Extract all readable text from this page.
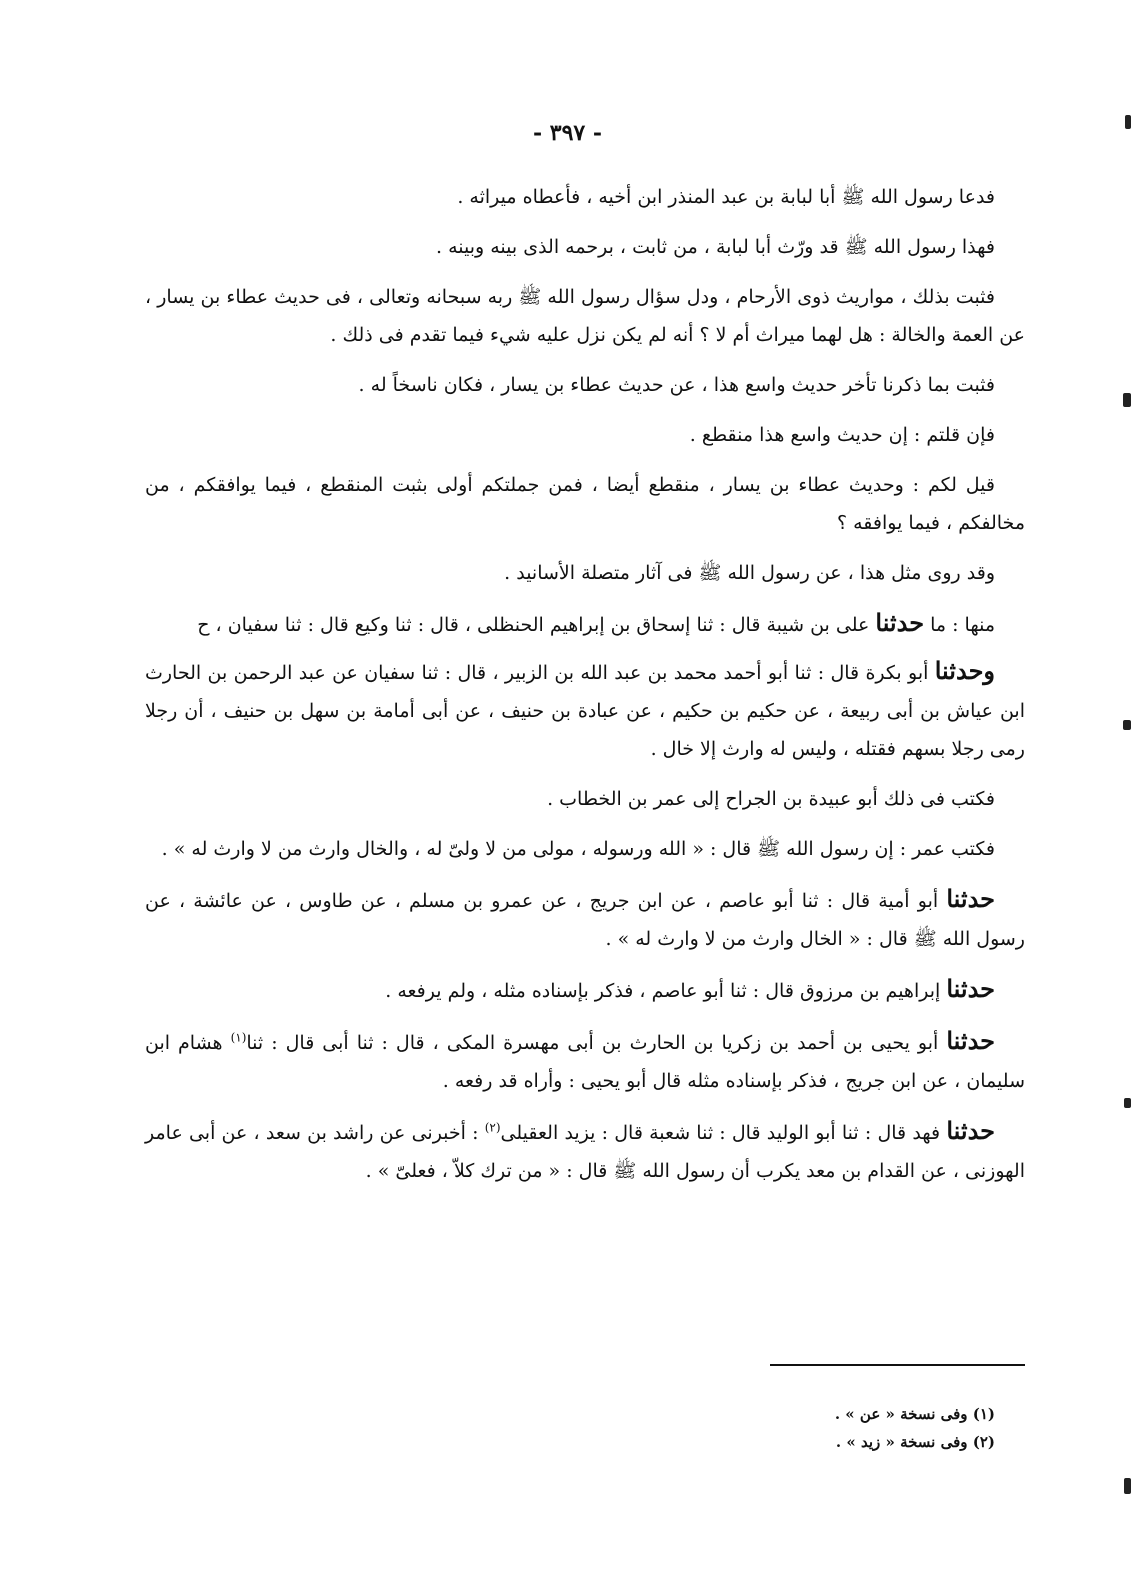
- ٣٩٧ -

فدعا رسول الله ﷺ أبا لبابة بن عبد المنذر ابن أخيه ، فأعطاه ميراثه .

فهذا رسول الله ﷺ قد ورّث أبا لبابة ، من ثابت ، برحمه الذى بينه وبينه .

فثبت بذلك ، مواريث ذوى الأرحام ، ودل سؤال رسول الله ﷺ ربه سبحانه وتعالى ، فى حديث عطاء بن يسار ، عن العمة والخالة : هل لهما ميراث أم لا ؟ أنه لم يكن نزل عليه شيء فيما تقدم فى ذلك .

فثبت بما ذكرنا تأخر حديث واسع هذا ، عن حديث عطاء بن يسار ، فكان ناسخاً له .

فإن قلتم : إن حديث واسع هذا منقطع .

قيل لكم : وحديث عطاء بن يسار ، منقطع أيضا ، فمن جملتكم أولى بثبت المنقطع ، فيما يوافقكم ، من مخالفكم ، فيما يوافقه ؟

وقد روى مثل هذا ، عن رسول الله ﷺ فى آثار متصلة الأسانيد .

منها : ما حدثنا على بن شيبة قال : ثنا إسحاق بن إبراهيم الحنظلى ، قال : ثنا وكيع قال : ثنا سفيان ، ح

وحدثنا أبو بكرة قال : ثنا أبو أحمد محمد بن عبد الله بن الزبير ، قال : ثنا سفيان عن عبد الرحمن بن الحارث ابن عياش بن أبى ربيعة ، عن حكيم بن حكيم ، عن عبادة بن حنيف ، عن أبى أمامة بن سهل بن حنيف ، أن رجلا رمى رجلا بسهم فقتله ، وليس له وارث إلا خال .

فكتب فى ذلك أبو عبيدة بن الجراح إلى عمر بن الخطاب .

فكتب عمر : إن رسول الله ﷺ قال : « الله ورسوله ، مولى من لا ولىّ له ، والخال وارث من لا وارث له » .

حدثنا أبو أمية قال : ثنا أبو عاصم ، عن ابن جريج ، عن عمرو بن مسلم ، عن طاوس ، عن عائشة ، عن رسول الله ﷺ قال : « الخال وارث من لا وارث له » .

حدثنا إبراهيم بن مرزوق قال : ثنا أبو عاصم ، فذكر بإسناده مثله ، ولم يرفعه .

حدثنا أبو يحيى بن أحمد بن زكريا بن الحارث بن أبى مهسرة المكى ، قال : ثنا أبى قال : ثنا$^{(١)}$ هشام ابن سليمان ، عن ابن جريج ، فذكر بإسناده مثله قال أبو يحيى : وأراه قد رفعه .

حدثنا فهد قال : ثنا أبو الوليد قال : ثنا شعبة قال : يزيد العقيلى$^{(٢)}$ : أخبرنى عن راشد بن سعد ، عن أبى عامر الهوزنى ، عن القدام بن معد يكرب أن رسول الله ﷺ قال : « من ترك كلاّ ، فعلىّ » .

(١) وفى نسخة « عن » .
(٢) وفى نسخة « زيد » .
